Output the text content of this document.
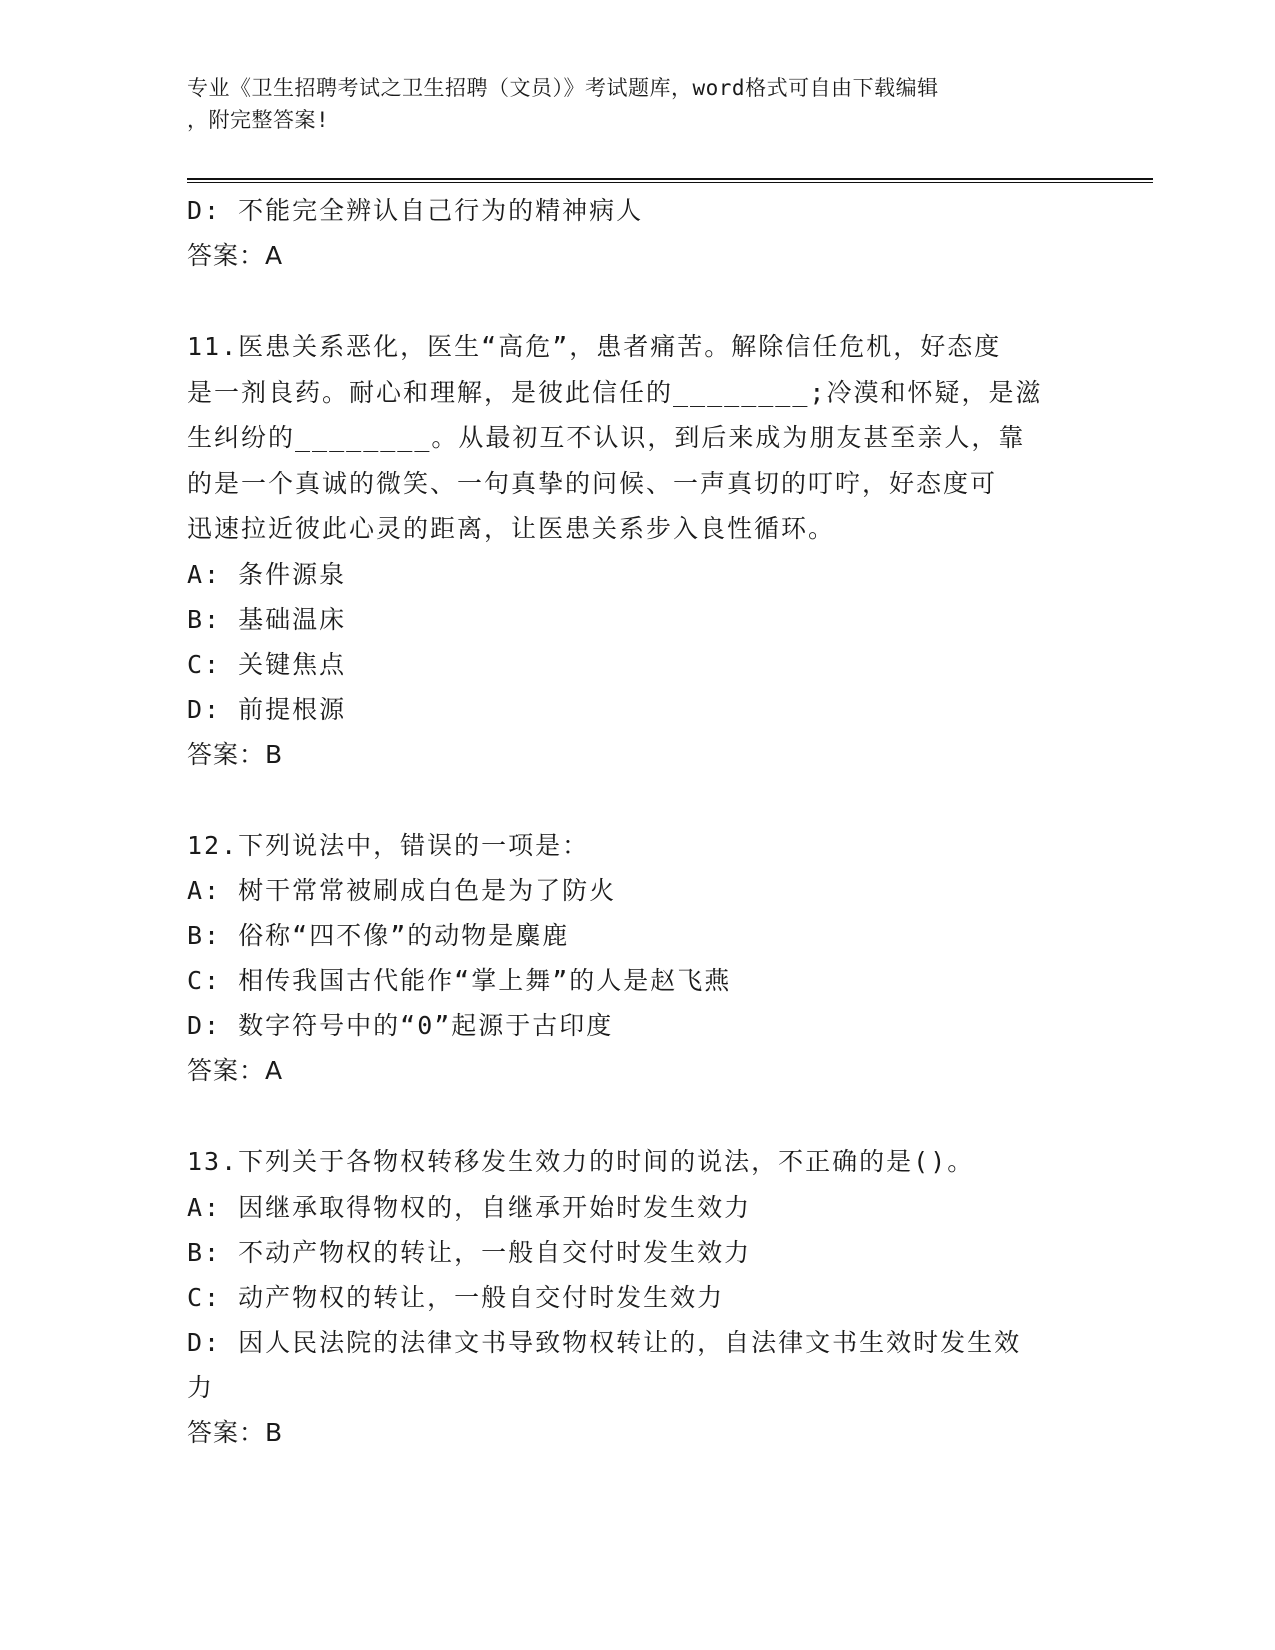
专业《卫生招聘考试之卫生招聘（文员）》考试题库，word格式可自由下载编辑
，附完整答案!
D: 不能完全辨认自己行为的精神病人
答案：A
11.医患关系恶化，医生“高危”，患者痛苦。解除信任危机，好态度
是一剂良药。耐心和理解，是彼此信任的________;冷漠和怀疑，是滋
生纠纷的________。从最初互不认识，到后来成为朋友甚至亲人，靠
的是一个真诚的微笑、一句真挚的问候、一声真切的叮咛，好态度可
迅速拉近彼此心灵的距离，让医患关系步入良性循环。
A: 条件源泉
B: 基础温床
C: 关键焦点
D: 前提根源
答案：B
12.下列说法中，错误的一项是：
A: 树干常常被刷成白色是为了防火
B: 俗称“四不像”的动物是麋鹿
C: 相传我国古代能作“掌上舞”的人是赵飞燕
D: 数字符号中的“0”起源于古印度
答案：A
13.下列关于各物权转移发生效力的时间的说法，不正确的是()。
A: 因继承取得物权的，自继承开始时发生效力
B: 不动产物权的转让，一般自交付时发生效力
C: 动产物权的转让，一般自交付时发生效力
D: 因人民法院的法律文书导致物权转让的，自法律文书生效时发生效
力
答案：B
